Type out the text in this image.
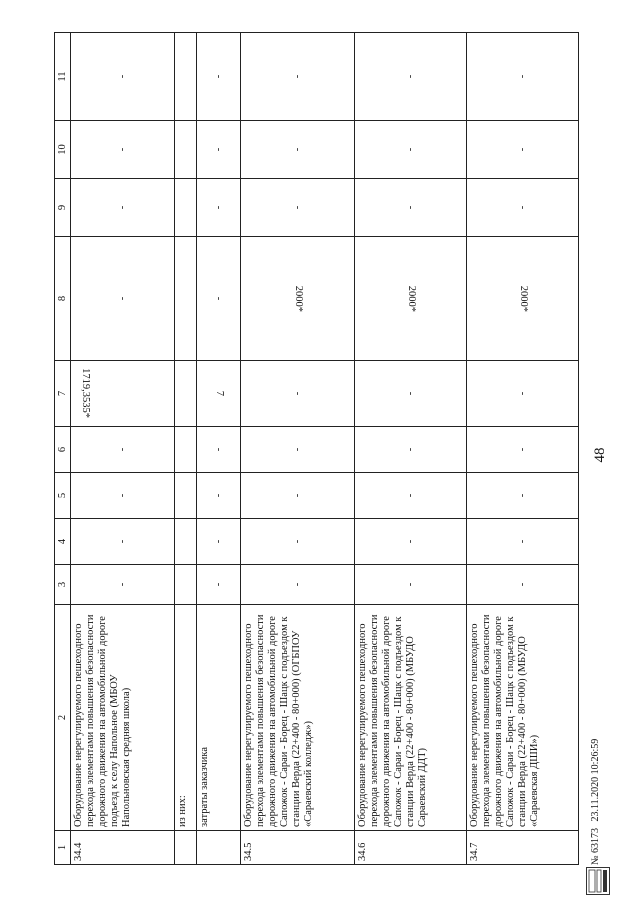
1	2	3	4	5	6	7	8	9	10	11
34.4	Оборудование нерегулируемого пешеходного перехода элементами повышения безопасности дорожного движения на автомобильной дороге подъезд к селу Напольное (МБОУ Напольновская средняя школа)	-	-	-	-	1719,3535*	-	-	-	-
	из них:									
	затраты заказчика	-	-	-	-	7	-	-	-	-
34.5	Оборудование нерегулируемого пешеходного перехода элементами повышения безопасности дорожного движения на автомобильной дороге Сапожок - Сараи - Борец - Шацк с подъездом к станции Верда (22+400 - 80+000) (ОГБПОУ «Сараевский колледж»)	-	-	-	-	-	2000*	-	-	-
34.6	Оборудование нерегулируемого пешеходного перехода элементами повышения безопасности дорожного движения на автомобильной дороге Сапожок - Сараи - Борец - Шацк с подъездом к станции Верда (22+400 - 80+000) (МБУДО Сараевский ДДТ)	-	-	-	-	-	2000*	-	-	-
34.7	Оборудование нерегулируемого пешеходного перехода элементами повышения безопасности дорожного движения на автомобильной дороге Сапожок - Сараи - Борец - Шацк с подъездом к станции Верда (22+400 - 80+000) (МБУДО «Сараевская ДШИ»)	-	-	-	-	-	2000*	-	-	-
48
№ 63173 23.11.2020 10:26:59
